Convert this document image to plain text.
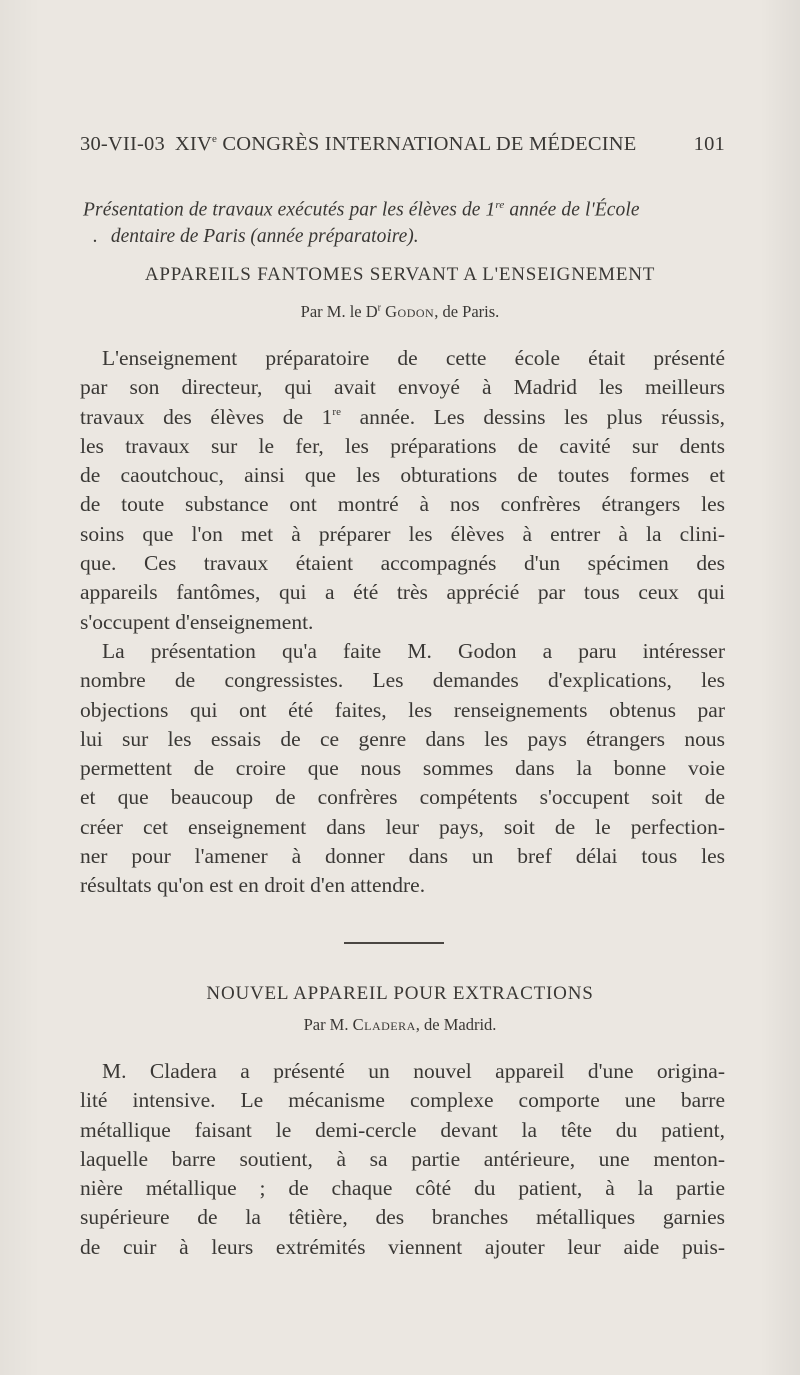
30-VII-03 XIVe CONGRÈS INTERNATIONAL DE MÉDECINE	101
Présentation de travaux exécutés par les élèves de 1re année de l'École
. dentaire de Paris (année préparatoire).
APPAREILS FANTOMES SERVANT A L'ENSEIGNEMENT
Par M. le $D^r$ Godon, de Paris.
L'enseignement préparatoire de cette école était présenté
par son directeur, qui avait envoyé à Madrid les meilleurs
travaux des élèves de 1re année. Les dessins les plus réussis,
les travaux sur le fer, les préparations de cavité sur dents
de caoutchouc, ainsi que les obturations de toutes formes et
de toute substance ont montré à nos confrères étrangers les
soins que l'on met à préparer les élèves à entrer à la clini-
que. Ces travaux étaient accompagnés d'un spécimen des
appareils fantômes, qui a été très apprécié par tous ceux qui
s'occupent d'enseignement.
La présentation qu'a faite M. Godon a paru intéresser
nombre de congressistes. Les demandes d'explications, les
objections qui ont été faites, les renseignements obtenus par
lui sur les essais de ce genre dans les pays étrangers nous
permettent de croire que nous sommes dans la bonne voie
et que beaucoup de confrères compétents s'occupent soit de
créer cet enseignement dans leur pays, soit de le perfection-
ner pour l'amener à donner dans un bref délai tous les
résultats qu'on est en droit d'en attendre.
NOUVEL APPAREIL POUR EXTRACTIONS
Par M. Cladera, de Madrid.
M. Cladera a présenté un nouvel appareil d'une origina-
lité intensive. Le mécanisme complexe comporte une barre
métallique faisant le demi-cercle devant la tête du patient,
laquelle barre soutient, à sa partie antérieure, une menton-
nière métallique ; de chaque côté du patient, à la partie
supérieure de la têtière, des branches métalliques garnies
de cuir à leurs extrémités viennent ajouter leur aide puis-
